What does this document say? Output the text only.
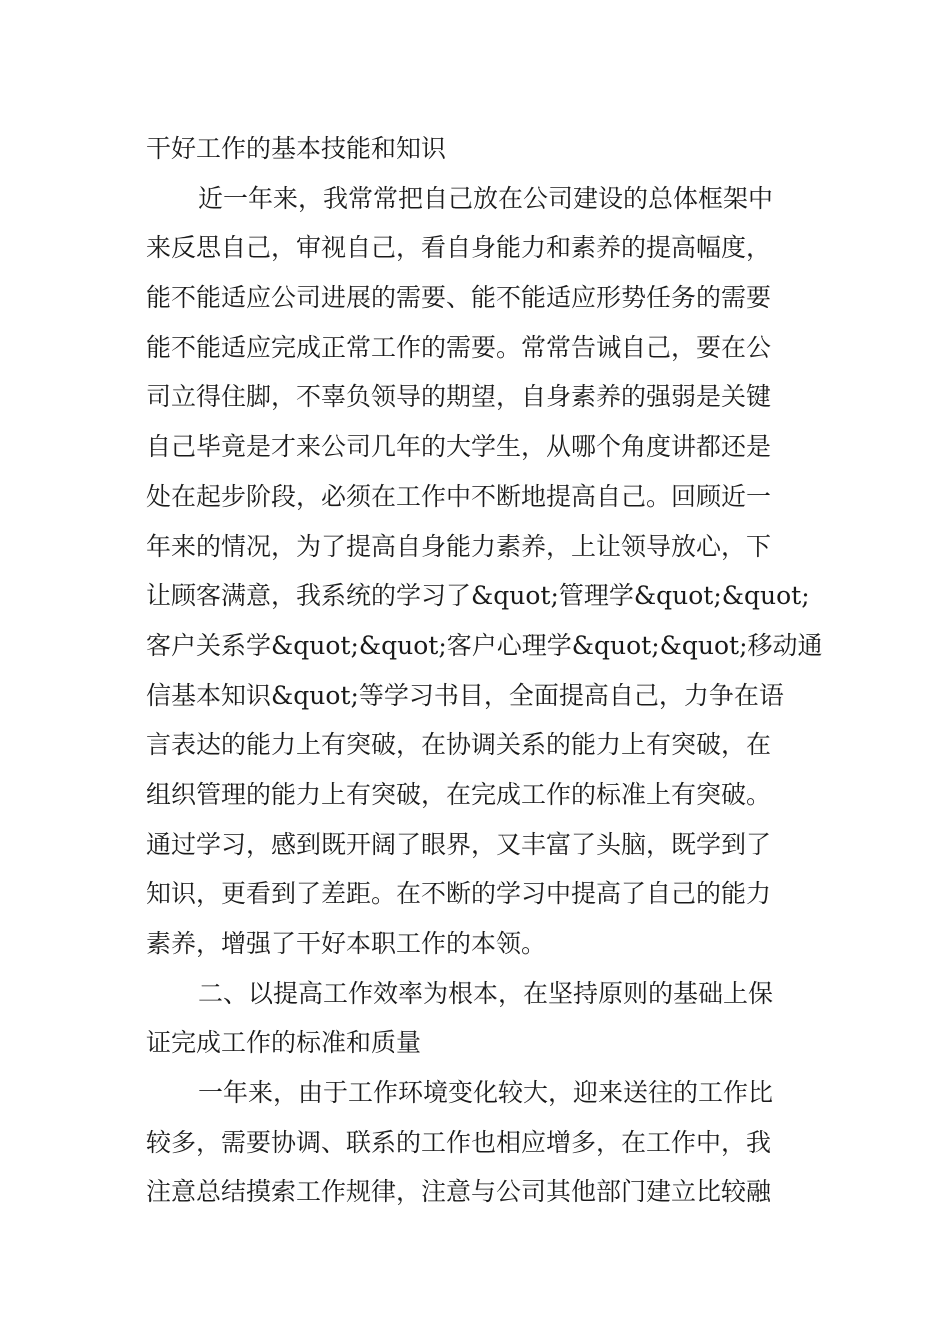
干好工作的基本技能和知识
近一年来，我常常把自己放在公司建设的总体框架中
来反思自己，审视自己，看自身能力和素养的提高幅度，
能不能适应公司进展的需要、能不能适应形势任务的需要
能不能适应完成正常工作的需要。常常告诫自己，要在公
司立得住脚，不辜负领导的期望，自身素养的强弱是关键
自己毕竟是才来公司几年的大学生，从哪个角度讲都还是
处在起步阶段，必须在工作中不断地提高自己。回顾近一
年来的情况，为了提高自身能力素养，上让领导放心，下
让顾客满意，我系统的学习了&quot;管理学&quot;&quot;
客户关系学&quot;&quot;客户心理学&quot;&quot;移动通
信基本知识&quot;等学习书目，全面提高自己，力争在语
言表达的能力上有突破，在协调关系的能力上有突破，在
组织管理的能力上有突破，在完成工作的标准上有突破。
通过学习，感到既开阔了眼界，又丰富了头脑，既学到了
知识，更看到了差距。在不断的学习中提高了自己的能力
素养，增强了干好本职工作的本领。
二、以提高工作效率为根本，在坚持原则的基础上保
证完成工作的标准和质量
一年来，由于工作环境变化较大，迎来送往的工作比
较多，需要协调、联系的工作也相应增多，在工作中，我
注意总结摸索工作规律，注意与公司其他部门建立比较融
